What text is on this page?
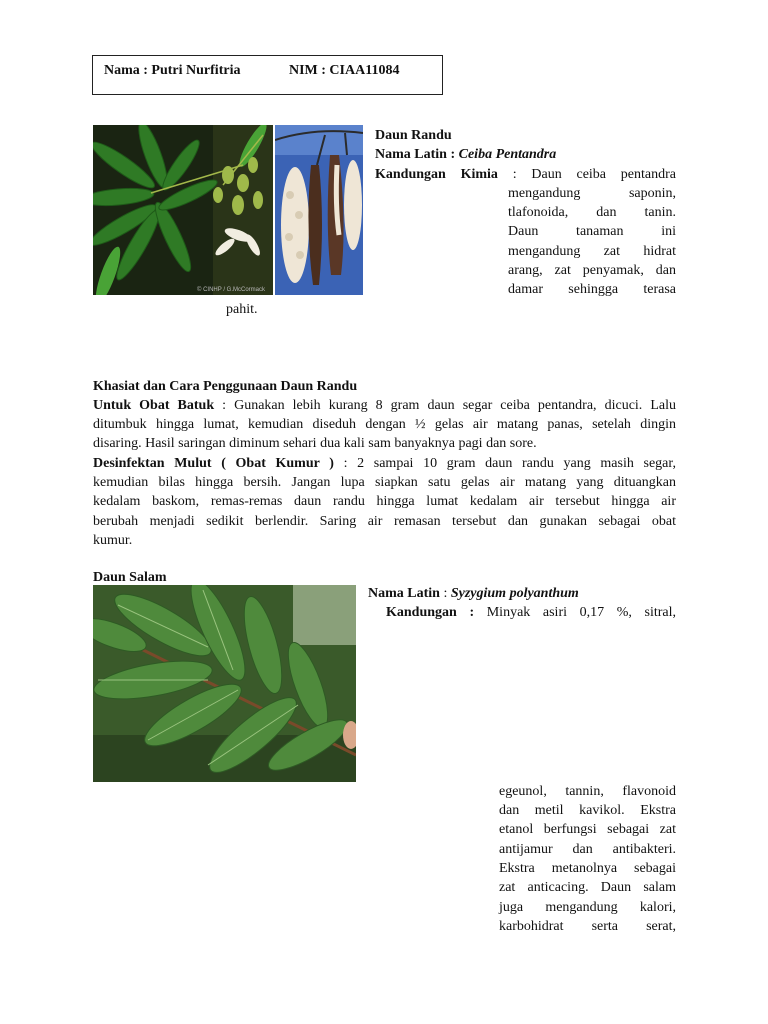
Nama : Putri Nurfitria	NIM : CIAA11084
© CINHP / G.McCormack
Daun Randu
Nama Latin : Ceiba Pentandra
Kandungan Kimia : Daun ceiba pentandra
mengandung saponin,
tlafonoida, dan tanin.
Daun tanaman ini
mengandung zat hidrat
arang, zat penyamak, dan
damar sehingga terasa
pahit.
Khasiat dan Cara Penggunaan Daun Randu
Untuk Obat Batuk : Gunakan lebih kurang 8 gram daun segar ceiba pentandra, dicuci. Lalu
ditumbuk hingga lumat, kemudian diseduh dengan ½ gelas air matang panas, setelah dingin
disaring. Hasil saringan diminum sehari dua kali sam banyaknya pagi dan sore.
Desinfektan Mulut ( Obat Kumur ) : 2 sampai 10 gram daun randu yang masih segar,
kemudian bilas hingga bersih. Jangan lupa siapkan satu gelas air matang yang dituangkan
kedalam baskom, remas-remas daun randu hingga lumat kedalam air tersebut hingga air
berubah menjadi sedikit berlendir. Saring air remasan tersebut dan gunakan sebagai obat
kumur.
Daun Salam
Nama Latin : Syzygium polyanthum
Kandungan : Minyak asiri 0,17 %, sitral,
egeunol, tannin, flavonoid
dan metil kavikol. Ekstra
etanol berfungsi sebagai zat
antijamur dan antibakteri.
Ekstra metanolnya sebagai
zat anticacing. Daun salam
juga mengandung kalori,
karbohidrat serta serat,
